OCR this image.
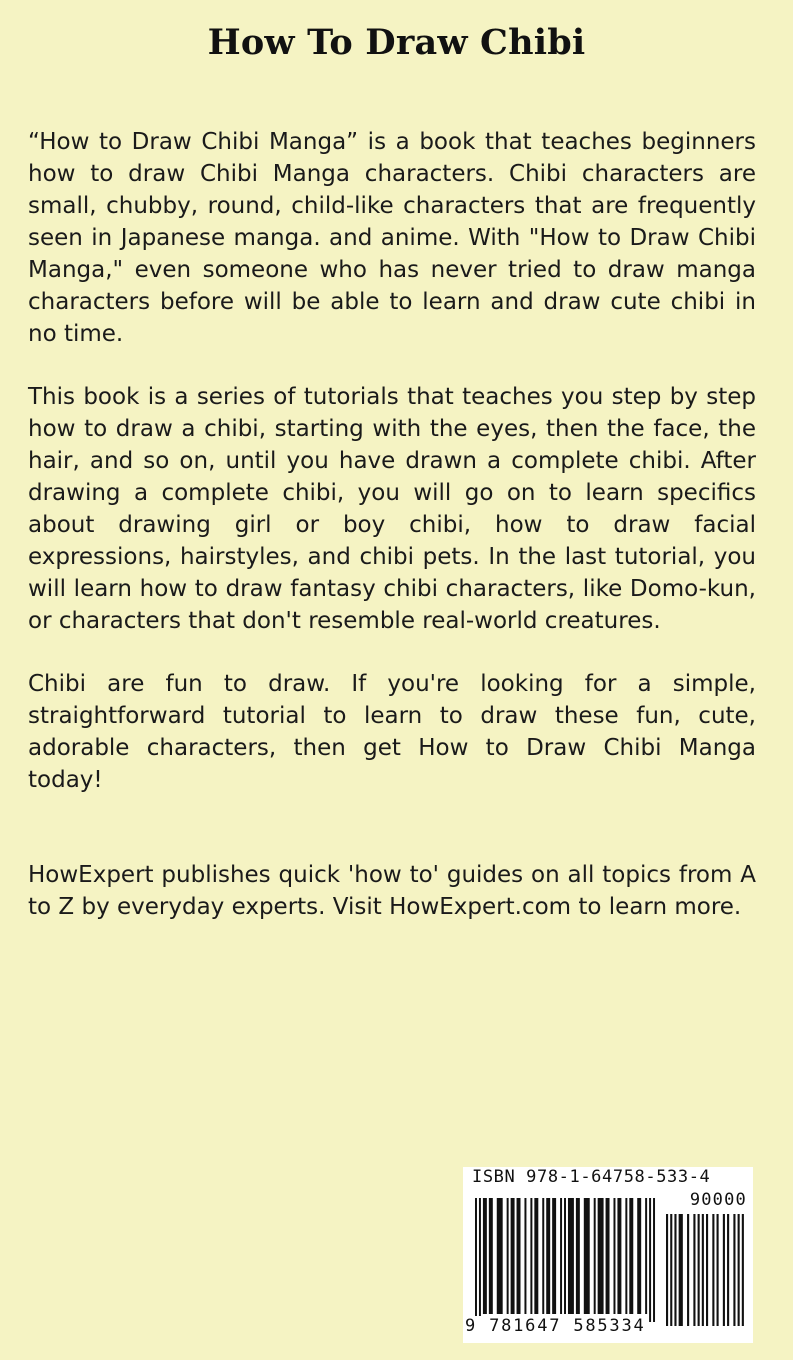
How To Draw Chibi

“How to Draw Chibi Manga” is a book that teaches beginners how to draw Chibi Manga characters. Chibi characters are small, chubby, round, child-like characters that are frequently seen in Japanese manga. and anime. With "How to Draw Chibi Manga," even someone who has never tried to draw manga characters before will be able to learn and draw cute chibi in no time.

This book is a series of tutorials that teaches you step by step how to draw a chibi, starting with the eyes, then the face, the hair, and so on, until you have drawn a complete chibi. After drawing a complete chibi, you will go on to learn specifics about drawing girl or boy chibi, how to draw facial expressions, hairstyles, and chibi pets. In the last tutorial, you will learn how to draw fantasy chibi characters, like Domo-kun, or characters that don't resemble real-world creatures.

Chibi are fun to draw. If you're looking for a simple, straightforward tutorial to learn to draw these fun, cute, adorable characters, then get How to Draw Chibi Manga today!

HowExpert publishes quick 'how to' guides on all topics from A to Z by everyday experts. Visit HowExpert.com to learn more.

ISBN 978-1-64758-533-4
90000
9 781647 585334
